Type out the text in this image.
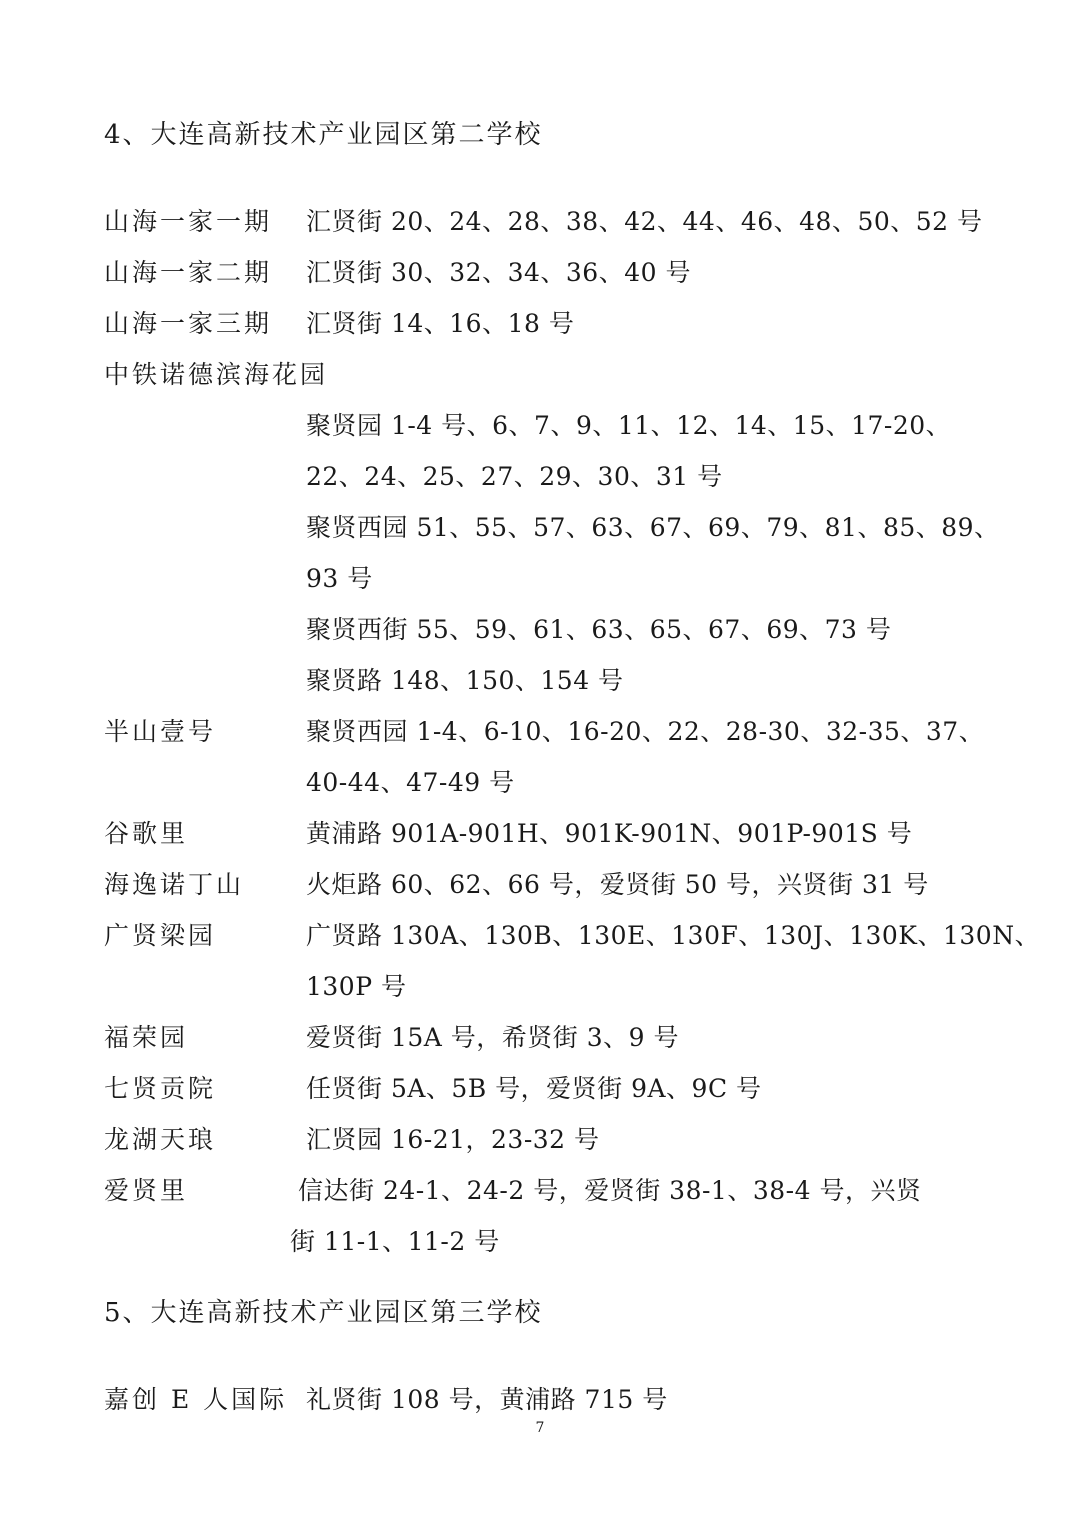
4、大连高新技术产业园区第二学校
山海一家一期 汇贤街 20、24、28、38、42、44、46、48、50、52 号
山海一家二期 汇贤街 30、32、34、36、40 号
山海一家三期 汇贤街 14、16、18 号
中铁诺德滨海花园
聚贤园 1-4 号、6、7、9、11、12、14、15、17-20、
22、24、25、27、29、30、31 号
聚贤西园 51、55、57、63、67、69、79、81、85、89、
93 号
聚贤西街 55、59、61、63、65、67、69、73 号
聚贤路 148、150、154 号
半山壹号	聚贤西园 1-4、6-10、16-20、22、28-30、32-35、37、
40-44、47-49 号
谷歌里	黄浦路 901A-901H、901K-901N、901P-901S 号
海逸诺丁山 火炬路 60、62、66 号，爱贤街 50 号，兴贤街 31 号
广贤梁园	广贤路 130A、130B、130E、130F、130J、130K、130N、
130P 号
福荣园	爱贤街 15A 号，希贤街 3、9 号
七贤贡院	任贤街 5A、5B 号，爱贤街 9A、9C 号
龙湖天琅	汇贤园 16-21，23-32 号
爱贤里	信达街 24-1、24-2 号，爱贤街 38-1、38-4 号，兴贤
街 11-1、11-2 号
5、大连高新技术产业园区第三学校
嘉创 E 人国际 礼贤街 108 号，黄浦路 715 号
7
